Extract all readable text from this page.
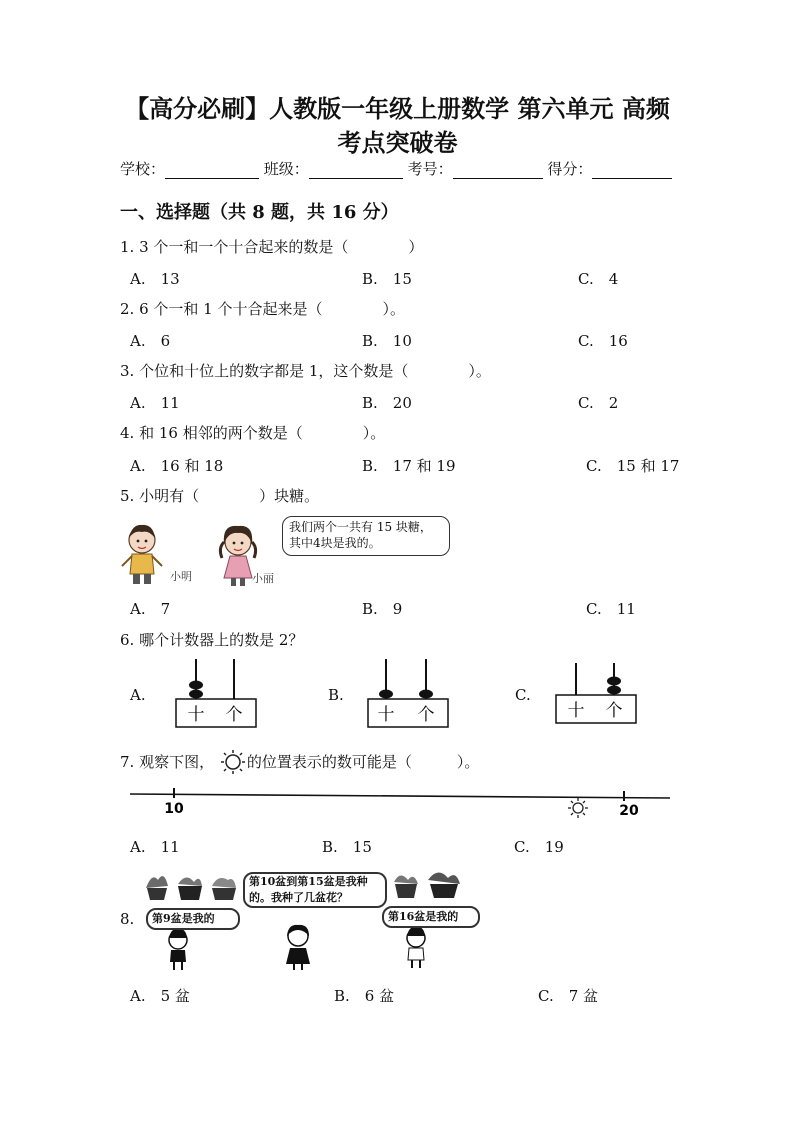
【高分必刷】人教版一年级上册数学 第六单元 高频
考点突破卷
学校：	班级：	考号：	得分：
一、选择题（共 8 题，共 16 分）
1. 3 个一和一个十合起来的数是（　　　　）
A.　13	B.　15	C.　4
2. 6 个一和 1 个十合起来是（　　　　）。
A.　6	B.　10	C.　16
3. 个位和十位上的数字都是 1，这个数是（　　　　）。
A.　11	B.　20	C.　2
4. 和 16 相邻的两个数是（　　　　）。
A.　16 和 18	B.　17 和 19	C.　15 和 17
5. 小明有（　　　　）块糖。
小明	小丽
我们两个一共有 15 块糖，其中4块是我的。
A.　7	B.　9	C.　11
6. 哪个计数器上的数是 2？
A.	B.	C.
十 个	十 个	十 个
7. 观察下图， 的位置表示的数可能是（　　　）。
10	20
A.　11	B.　15	C.　19
8.	第9盆是我的
第10盆到第15盆是我种的。我种了几盆花？
第16盆是我的
A.　5 盆	B.　6 盆	C.　7 盆
